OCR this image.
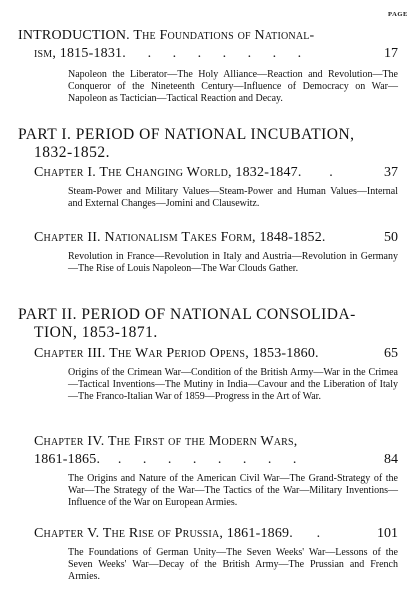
PAGE
INTRODUCTION. The Foundations of National-
ism, 1815-1831. . . . . . . .	17
Napoleon the Liberator—The Holy Alliance—Reaction and Revolution—The Conqueror of the Nineteenth Century—Influence of Democracy on War—Napoleon as Tactician—Tactical Reaction and Decay.
PART I. PERIOD OF NATIONAL INCUBATION,
1832-1852.
Chapter I. The Changing World, 1832-1847. .	37
Steam-Power and Military Values—Steam-Power and Human Values—Internal and External Changes—Jomini and Clausewitz.
Chapter II. Nationalism Takes Form, 1848-1852.	50
Revolution in France—Revolution in Italy and Austria—Revolution in Germany—The Rise of Louis Napoleon—The War Clouds Gather.
PART II. PERIOD OF NATIONAL CONSOLIDA-
TION, 1853-1871.
Chapter III. The War Period Opens, 1853-1860.	65
Origins of the Crimean War—Condition of the British Army—War in the Crimea—Tactical Inventions—The Mutiny in India—Cavour and the Liberation of Italy—The Franco-Italian War of 1859—Progress in the Art of War.
Chapter IV. The First of the Modern Wars,
1861-1865. . . . . . . . .	84
The Origins and Nature of the American Civil War—The Grand-Strategy of the War—The Strategy of the War—The Tactics of the War—Military Inventions—Influence of the War on European Armies.
Chapter V. The Rise of Prussia, 1861-1869. .	101
The Foundations of German Unity—The Seven Weeks' War—Lessons of the Seven Weeks' War—Decay of the British Army—The Prussian and French Armies.
